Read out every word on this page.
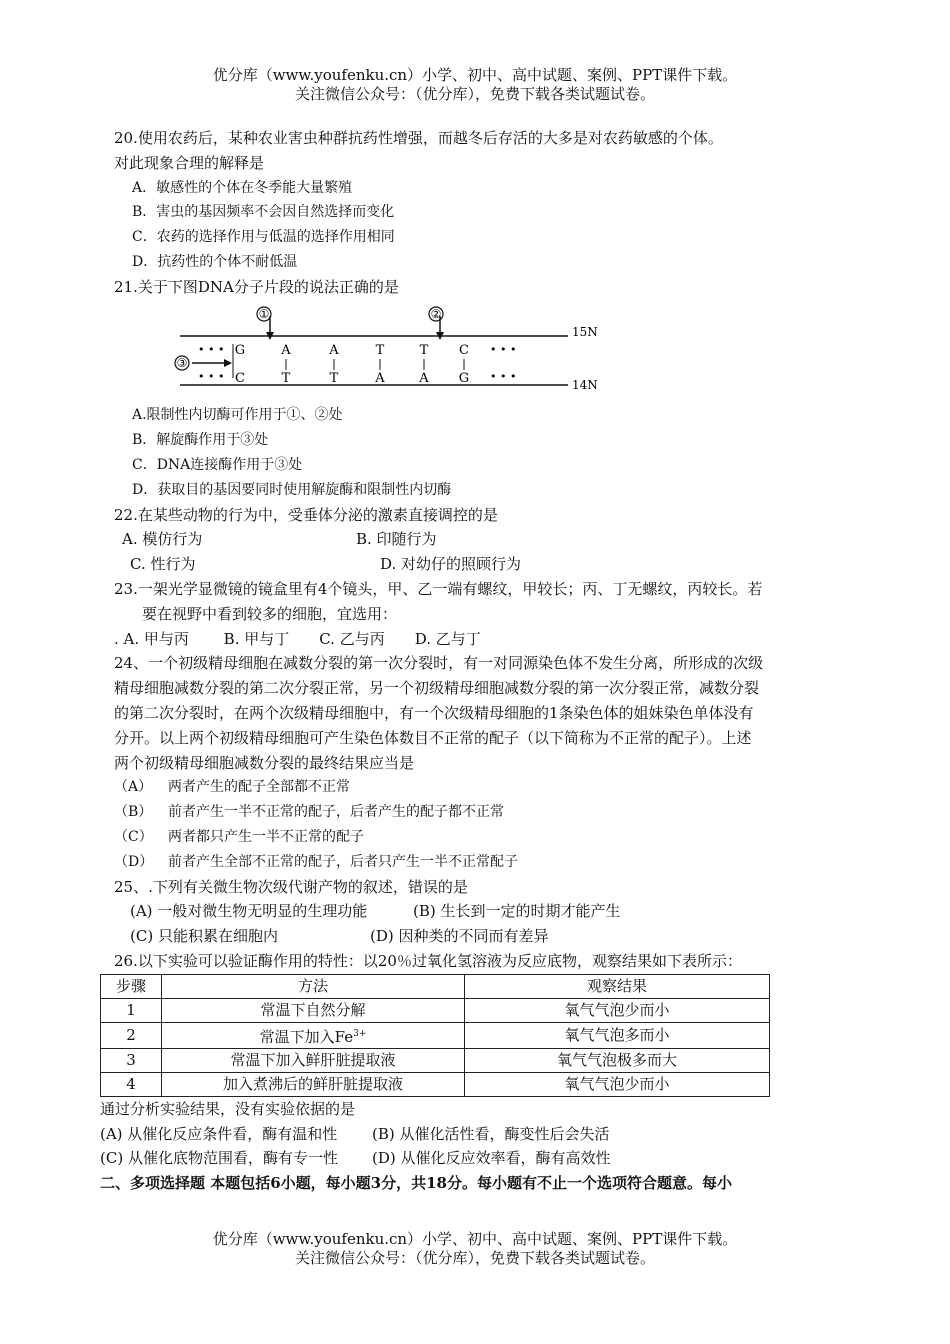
优分库（www.youfenku.cn）小学、初中、高中试题、案例、PPT课件下载。
关注微信公众号：（优分库），免费下载各类试题试卷。
20.使用农药后，某种农业害虫种群抗药性增强，而越冬后存活的大多是对农药敏感的个体。
对此现象合理的解释是
A．敏感性的个体在冬季能大量繁殖
B．害虫的基因频率不会因自然选择而变化
C．农药的选择作用与低温的选择作用相同
D．抗药性的个体不耐低温
21.关于下图DNA分子片段的说法正确的是
①	②
③
• • •
• • •
• • •
• • •
G	A	A	T	T C
C	T	T	A	A G
15N
14N
A.限制性内切酶可作用于①、②处
B．解旋酶作用于③处
C．DNA连接酶作用于③处
D．获取目的基因要同时使用解旋酶和限制性内切酶
22.在某些动物的行为中，受垂体分泌的激素直接调控的是
A. 模仿行为	B. 印随行为
C. 性行为	D. 对幼仔的照顾行为
23.一架光学显微镜的镜盒里有4个镜头，甲、乙一端有螺纹，甲较长；丙、丁无螺纹，丙较长。若
要在视野中看到较多的细胞，宜选用：
. A. 甲与丙　　 B. 甲与丁　　C. 乙与丙　　D. 乙与丁
24、一个初级精母细胞在减数分裂的第一次分裂时，有一对同源染色体不发生分离，所形成的次级
精母细胞减数分裂的第二次分裂正常，另一个初级精母细胞减数分裂的第一次分裂正常，减数分裂
的第二次分裂时，在两个次级精母细胞中，有一个次级精母细胞的1条染色体的姐妹染色单体没有
分开。以上两个初级精母细胞可产生染色体数目不正常的配子（以下简称为不正常的配子）。上述
两个初级精母细胞减数分裂的最终结果应当是
（A） 两者产生的配子全部都不正常
（B） 前者产生一半不正常的配子，后者产生的配子都不正常
（C） 两者都只产生一半不正常的配子
（D） 前者产生全部不正常的配子，后者只产生一半不正常配子
25、.下列有关微生物次级代谢产物的叙述，错误的是
(A) 一般对微生物无明显的生理功能	(B) 生长到一定的时期才能产生
(C) 只能积累在细胞内	(D) 因种类的不同而有差异
26.以下实验可以验证酶作用的特性：以20％过氧化氢溶液为反应底物，观察结果如下表所示：
步骤	方法	观察结果
1	常温下自然分解	氧气气泡少而小
2	常温下加入$Fe^{3+}$	氧气气泡多而小
3	常温下加入鲜肝脏提取液	氧气气泡极多而大
4	加入煮沸后的鲜肝脏提取液	氧气气泡少而小
通过分析实验结果，没有实验依据的是
(A) 从催化反应条件看，酶有温和性	(B) 从催化活性看，酶变性后会失活
(C) 从催化底物范围看，酶有专一性	(D) 从催化反应效率看，酶有高效性
二、多项选择题 本题包括6小题，每小题3分，共18分。每小题有不止一个选项符合题意。每小
优分库（www.youfenku.cn）小学、初中、高中试题、案例、PPT课件下载。
关注微信公众号：（优分库），免费下载各类试题试卷。
